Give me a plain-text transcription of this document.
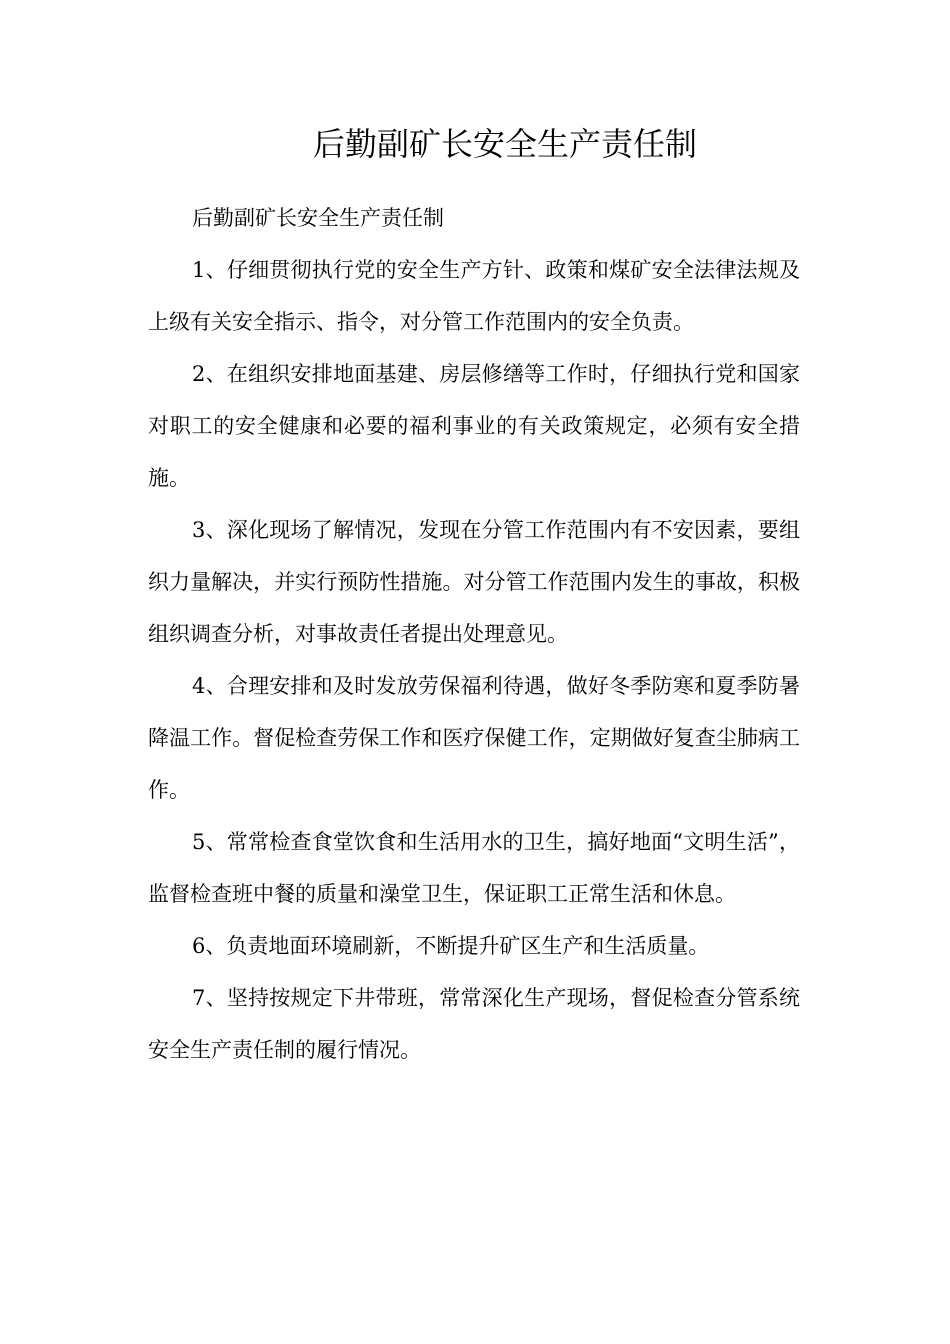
后勤副矿长安全生产责任制

后勤副矿长安全生产责任制

1、仔细贯彻执行党的安全生产方针、政策和煤矿安全法律法规及上级有关安全指示、指令，对分管工作范围内的安全负责。

2、在组织安排地面基建、房层修缮等工作时，仔细执行党和国家对职工的安全健康和必要的福利事业的有关政策规定，必须有安全措施。

3、深化现场了解情况，发现在分管工作范围内有不安因素，要组织力量解决，并实行预防性措施。对分管工作范围内发生的事故，积极组织调查分析，对事故责任者提出处理意见。

4、合理安排和及时发放劳保福利待遇，做好冬季防寒和夏季防暑降温工作。督促检查劳保工作和医疗保健工作，定期做好复查尘肺病工作。

5、常常检查食堂饮食和生活用水的卫生，搞好地面“文明生活”，监督检查班中餐的质量和澡堂卫生，保证职工正常生活和休息。

6、负责地面环境刷新，不断提升矿区生产和生活质量。

7、坚持按规定下井带班，常常深化生产现场，督促检查分管系统安全生产责任制的履行情况。
